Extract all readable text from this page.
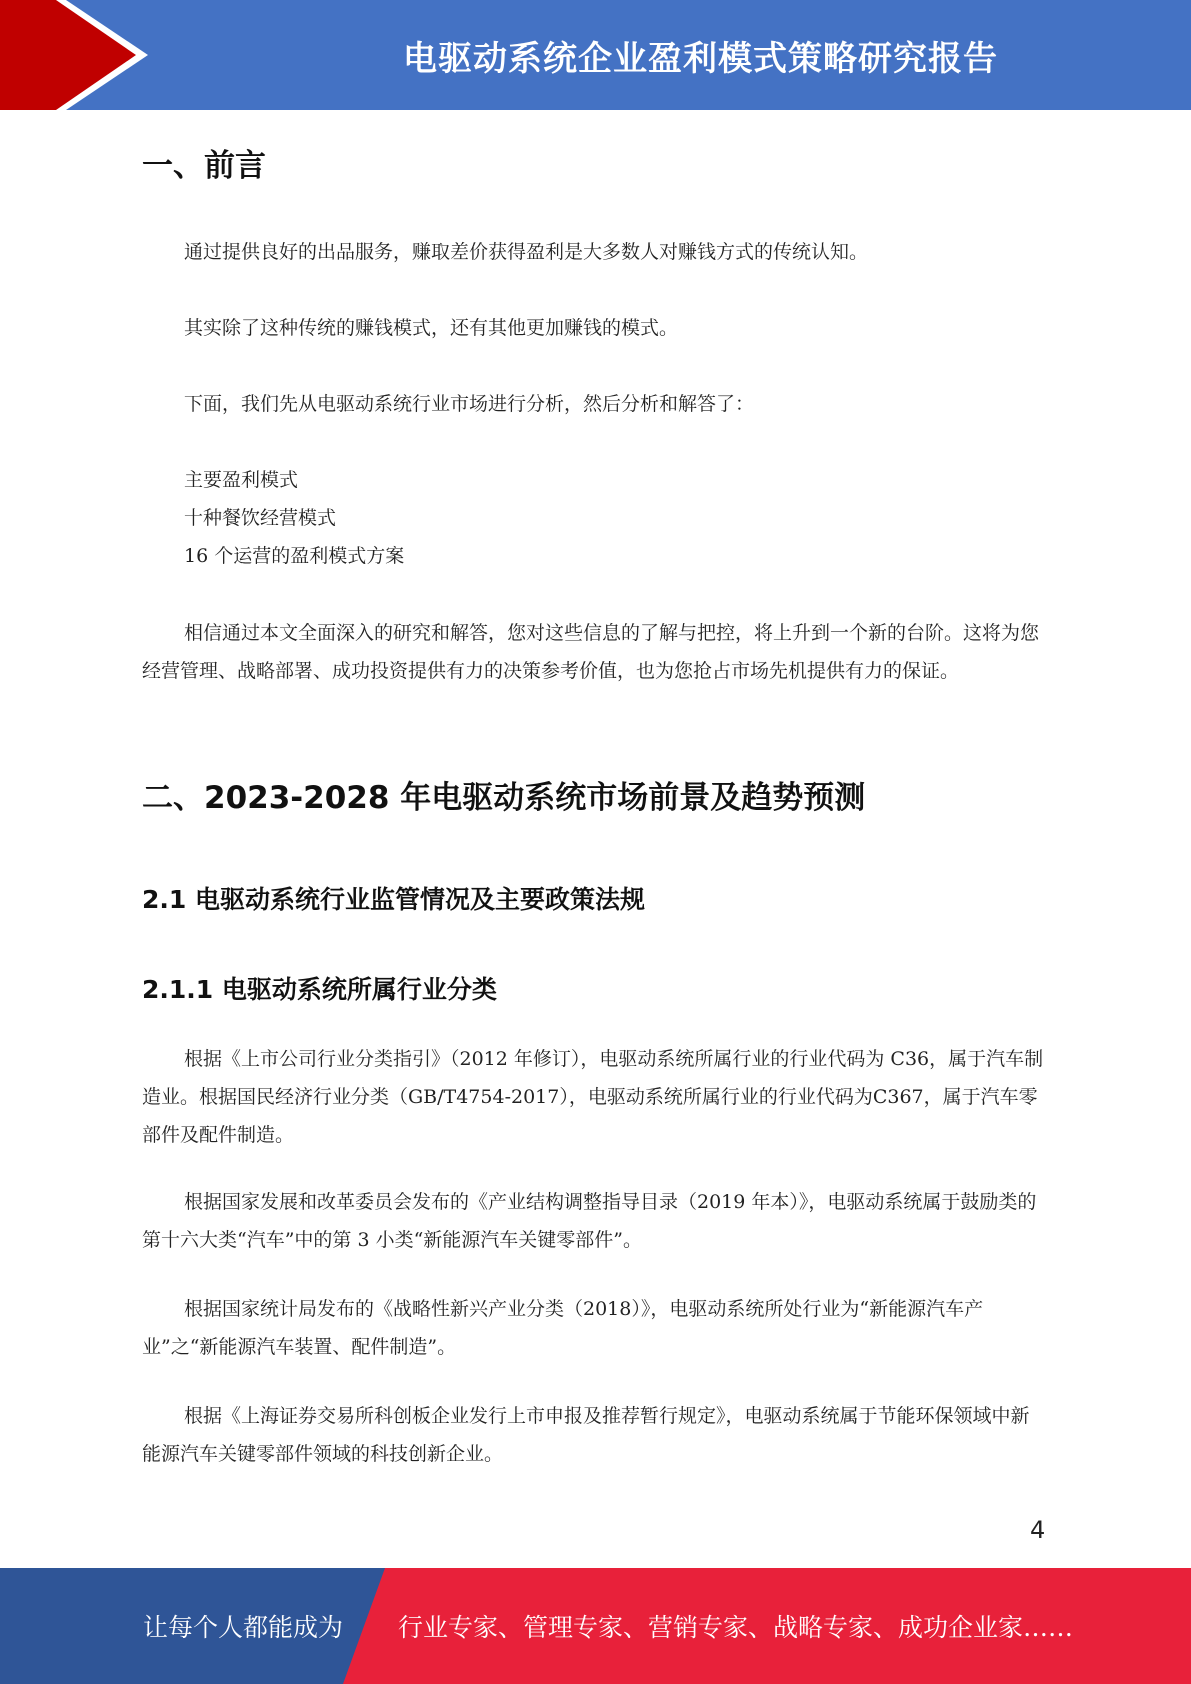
电驱动系统企业盈利模式策略研究报告
一、前言

通过提供良好的出品服务，赚取差价获得盈利是大多数人对赚钱方式的传统认知。

其实除了这种传统的赚钱模式，还有其他更加赚钱的模式。

下面，我们先从电驱动系统行业市场进行分析，然后分析和解答了：

主要盈利模式
十种餐饮经营模式
16 个运营的盈利模式方案

相信通过本文全面深入的研究和解答，您对这些信息的了解与把控，将上升到一个新的台阶。这将为您经营管理、战略部署、成功投资提供有力的决策参考价值，也为您抢占市场先机提供有力的保证。

二、2023-2028 年电驱动系统市场前景及趋势预测
2.1 电驱动系统行业监管情况及主要政策法规
2.1.1 电驱动系统所属行业分类

根据《上市公司行业分类指引》（2012 年修订），电驱动系统所属行业的行业代码为 C36，属于汽车制造业。根据国民经济行业分类（GB/T4754-2017），电驱动系统所属行业的行业代码为C367，属于汽车零部件及配件制造。

根据国家发展和改革委员会发布的《产业结构调整指导目录（2019 年本）》，电驱动系统属于鼓励类的第十六大类“汽车”中的第 3 小类“新能源汽车关键零部件”。

根据国家统计局发布的《战略性新兴产业分类（2018）》，电驱动系统所处行业为“新能源汽车产业”之“新能源汽车装置、配件制造”。

根据《上海证券交易所科创板企业发行上市申报及推荐暂行规定》，电驱动系统属于节能环保领域中新能源汽车关键零部件领域的科技创新企业。

4
让每个人都能成为 行业专家、管理专家、营销专家、战略专家、成功企业家……
